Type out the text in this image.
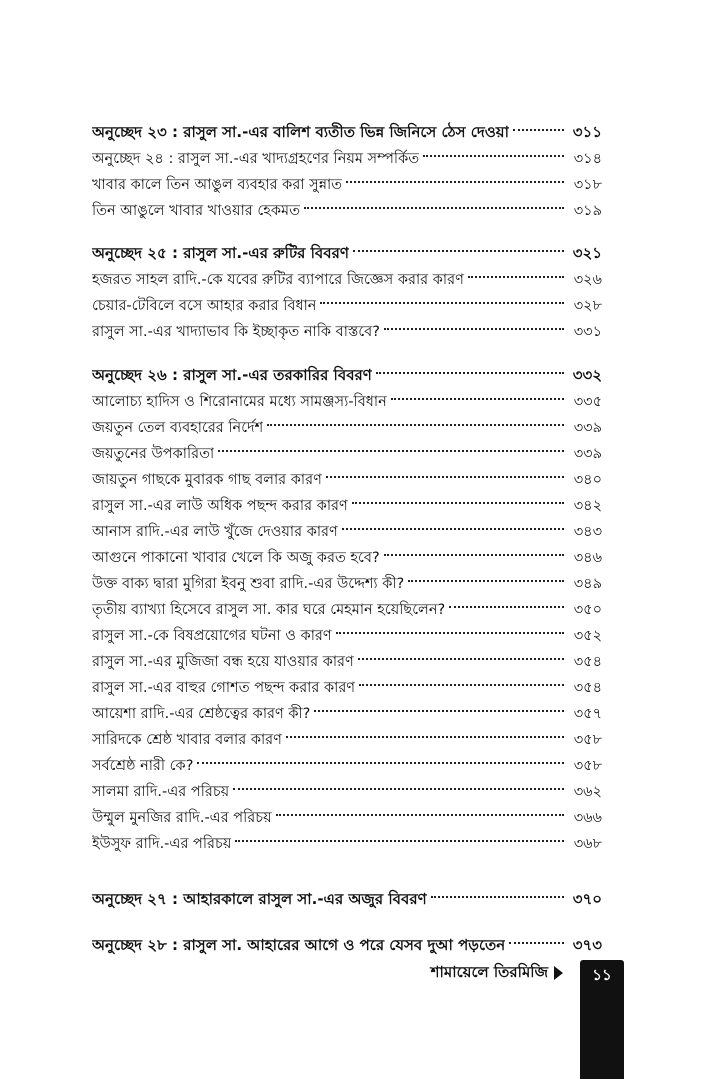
অনুচ্ছেদ ২৩ : রাসুল সা.-এর বালিশ ব্যতীত ভিন্ন জিনিসে ঠেস দেওয়া	৩১১
অনুচ্ছেদ ২৪ : রাসুল সা.-এর খাদ্যগ্রহণের নিয়ম সম্পর্কিত	৩১৪
খাবার কালে তিন আঙুল ব্যবহার করা সুন্নাত	৩১৮
তিন আঙুলে খাবার খাওয়ার হেকমত	৩১৯
অনুচ্ছেদ ২৫ : রাসুল সা.-এর রুটির বিবরণ	৩২১
হজরত সাহল রাদি.-কে যবের রুটির ব্যাপারে জিজ্ঞেস করার কারণ	৩২৬
চেয়ার-টেবিলে বসে আহার করার বিধান	৩২৮
রাসুল সা.-এর খাদ্যাভাব কি ইচ্ছাকৃত নাকি বাস্তবে?	৩৩১
অনুচ্ছেদ ২৬ : রাসুল সা.-এর তরকারির বিবরণ	৩৩২
আলোচ্য হাদিস ও শিরোনামের মধ্যে সামঞ্জস্য-বিধান	৩৩৫
জয়তুন তেল ব্যবহারের নির্দেশ	৩৩৯
জয়তুনের উপকারিতা	৩৩৯
জায়তুন গাছকে মুবারক গাছ বলার কারণ	৩৪০
রাসুল সা.-এর লাউ অধিক পছন্দ করার কারণ	৩৪২
আনাস রাদি.-এর লাউ খুঁজে দেওয়ার কারণ	৩৪৩
আগুনে পাকানো খাবার খেলে কি অজু করত হবে?	৩৪৬
উক্ত বাক্য দ্বারা মুগিরা ইবনু শুবা রাদি.-এর উদ্দেশ্য কী?	৩৪৯
তৃতীয় ব্যাখ্যা হিসেবে রাসুল সা. কার ঘরে মেহমান হয়েছিলেন?	৩৫০
রাসুল সা.-কে বিষপ্রয়োগের ঘটনা ও কারণ	৩৫২
রাসুল সা.-এর মুজিজা বন্ধ হয়ে যাওয়ার কারণ	৩৫৪
রাসুল সা.-এর বাহুর গোশত পছন্দ করার কারণ	৩৫৪
আয়েশা রাদি.-এর শ্রেষ্ঠত্বের কারণ কী?	৩৫৭
সারিদকে শ্রেষ্ঠ খাবার বলার কারণ	৩৫৮
সর্বশ্রেষ্ঠ নারী কে?	৩৫৮
সালমা রাদি.-এর পরিচয়	৩৬২
উম্মুল মুনজির রাদি.-এর পরিচয়	৩৬৬
ইউসুফ রাদি.-এর পরিচয়	৩৬৮
অনুচ্ছেদ ২৭ : আহারকালে রাসুল সা.-এর অজুর বিবরণ	৩৭০
অনুচ্ছেদ ২৮ : রাসুল সা. আহারের আগে ও পরে যেসব দুআ পড়তেন	৩৭৩
শামায়েলে তিরমিজি	১১
